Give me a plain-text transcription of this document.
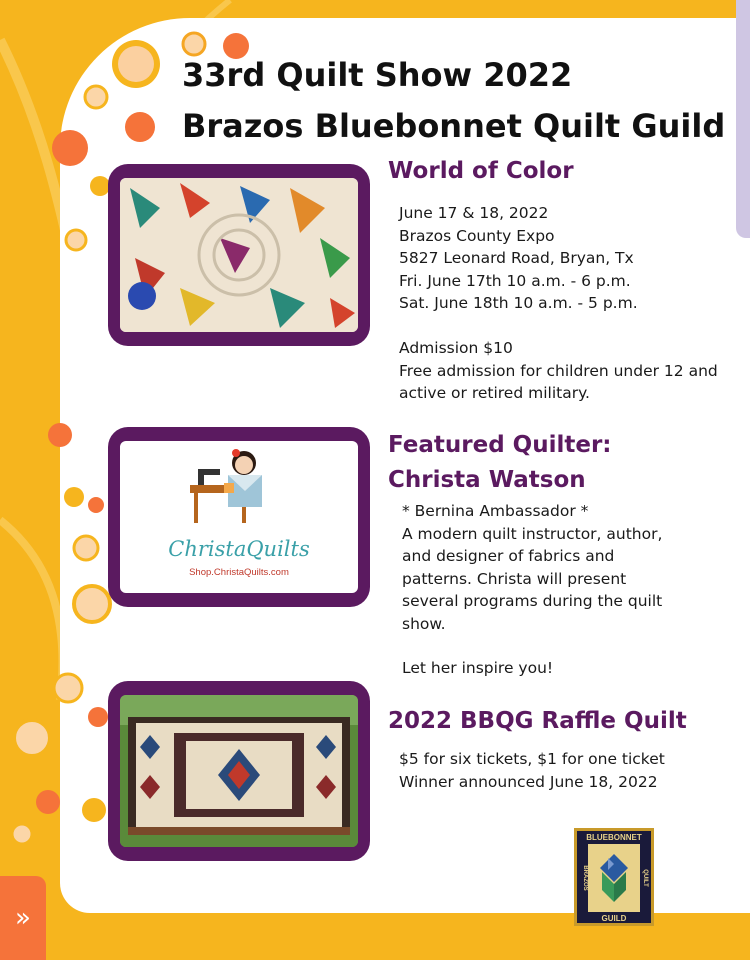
33rd Quilt Show 2022
Brazos Bluebonnet Quilt Guild
ChristaQuilts
Shop.ChristaQuilts.com
World of Color
June 17 & 18, 2022
Brazos County Expo
5827 Leonard Road, Bryan, Tx
Fri. June 17th 10 a.m. - 6 p.m.
Sat. June 18th 10 a.m. - 5 p.m.
Admission $10
Free admission for children under 12 and
active or retired military.
Featured Quilter:
Christa Watson
* Bernina Ambassador *
A modern quilt instructor, author,
and designer of fabrics and
patterns. Christa will present
several programs during the quilt
show.
Let her inspire you!
2022 BBQG Raffle Quilt
$5 for six tickets, $1 for one ticket
Winner announced June 18, 2022
BLUEBONNET
GUILD
BRAZOS	QUILT
»
